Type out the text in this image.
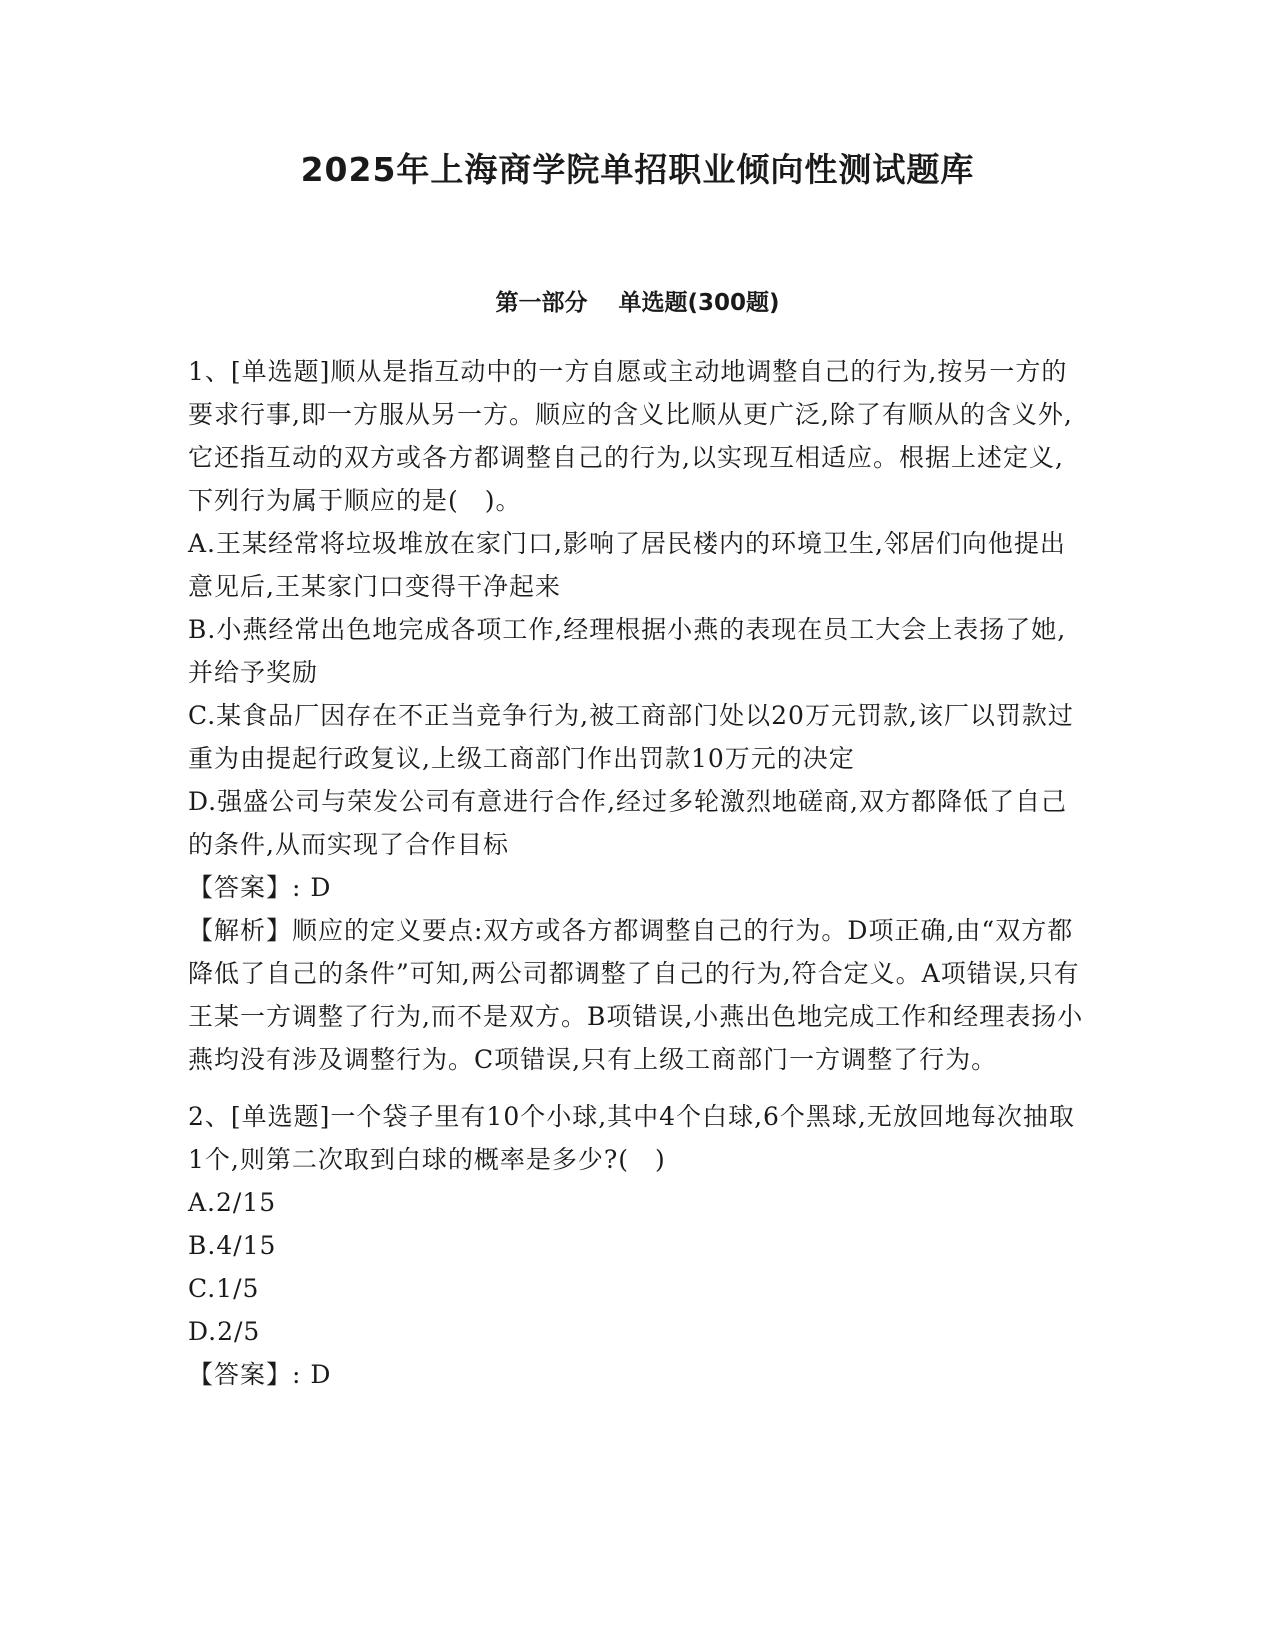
2025年上海商学院单招职业倾向性测试题库
第一部分　 单选题(300题)

1、[单选题]顺从是指互动中的一方自愿或主动地调整自己的行为,按另一方的要求行事,即一方服从另一方。顺应的含义比顺从更广泛,除了有顺从的含义外,它还指互动的双方或各方都调整自己的行为,以实现互相适应。根据上述定义,下列行为属于顺应的是(　)。

A.王某经常将垃圾堆放在家门口,影响了居民楼内的环境卫生,邻居们向他提出意见后,王某家门口变得干净起来

B.小燕经常出色地完成各项工作,经理根据小燕的表现在员工大会上表扬了她,并给予奖励

C.某食品厂因存在不正当竞争行为,被工商部门处以20万元罚款,该厂以罚款过重为由提起行政复议,上级工商部门作出罚款10万元的决定

D.强盛公司与荣发公司有意进行合作,经过多轮激烈地磋商,双方都降低了自己的条件,从而实现了合作目标

【答案】: D

【解析】顺应的定义要点:双方或各方都调整自己的行为。D项正确,由“双方都降低了自己的条件”可知,两公司都调整了自己的行为,符合定义。A项错误,只有王某一方调整了行为,而不是双方。B项错误,小燕出色地完成工作和经理表扬小燕均没有涉及调整行为。C项错误,只有上级工商部门一方调整了行为。

2、[单选题]一个袋子里有10个小球,其中4个白球,6个黑球,无放回地每次抽取1个,则第二次取到白球的概率是多少?(　)

A.2/15

B.4/15

C.1/5

D.2/5

【答案】: D
